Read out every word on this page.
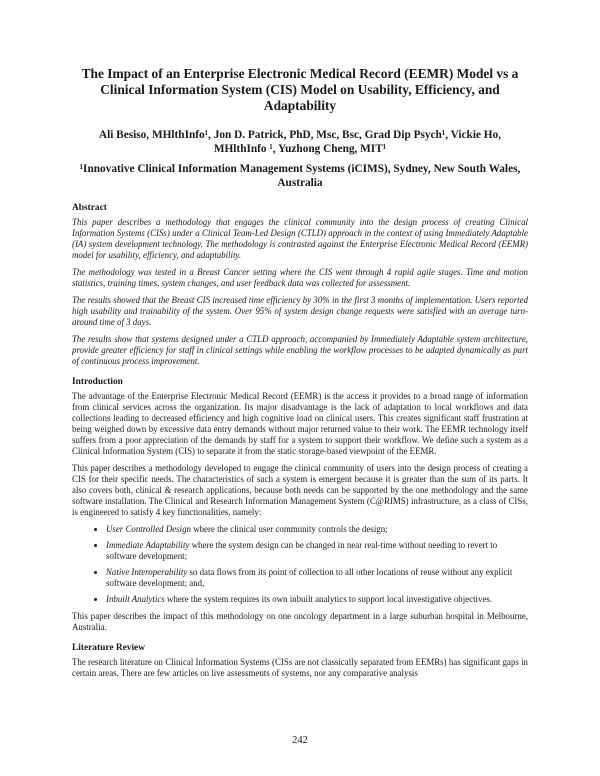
The Impact of an Enterprise Electronic Medical Record (EEMR) Model vs a Clinical Information System (CIS) Model on Usability, Efficiency, and Adaptability
Ali Besiso, MHlthInfo¹, Jon D. Patrick, PhD, Msc, Bsc, Grad Dip Psych¹, Vickie Ho, MHlthInfo ¹, Yuzhong Cheng, MIT¹
¹Innovative Clinical Information Management Systems (iCIMS), Sydney, New South Wales, Australia
Abstract

This paper describes a methodology that engages the clinical community into the design process of creating Clinical Information Systems (CISs) under a Clinical Team-Led Design (CTLD) approach in the context of using Immediately Adaptable (IA) system development technology. The methodology is contrasted against the Enterprise Electronic Medical Record (EEMR) model for usability, efficiency, and adaptability.

The methodology was tested in a Breast Cancer setting where the CIS went through 4 rapid agile stages. Time and motion statistics, training times, system changes, and user feedback data was collected for assessment.

The results showed that the Breast CIS increased time efficiency by 30% in the first 3 months of implementation. Users reported high usability and trainability of the system. Over 95% of system design change requests were satisfied with an average turn-around time of 3 days.

The results show that systems designed under a CTLD approach, accompanied by Immediately Adaptable system architecture, provide greater efficiency for staff in clinical settings while enabling the workflow processes to be adapted dynamically as part of continuous process improvement.

Introduction

The advantage of the Enterprise Electronic Medical Record (EEMR) is the access it provides to a broad range of information from clinical services across the organization. Its major disadvantage is the lack of adaptation to local workflows and data collections leading to decreased efficiency and high cognitive load on clinical users. This creates significant staff frustration at being weighed down by excessive data entry demands without major returned value to their work. The EEMR technology itself suffers from a poor appreciation of the demands by staff for a system to support their workflow. We define such a system as a Clinical Information System (CIS) to separate it from the static storage-based viewpoint of the EEMR.

This paper describes a methodology developed to engage the clinical community of users into the design process of creating a CIS for their specific needs. The characteristics of such a system is emergent because it is greater than the sum of its parts. It also covers both, clinical & research applications, because both needs can be supported by the one methodology and the same software installation. The Clinical and Research Information Management System (C@RIMS) infrastructure, as a class of CISs, is engineered to satisfy 4 key functionalities, namely:

• User Controlled Design where the clinical user community controls the design;
• Immediate Adaptability where the system design can be changed in near real-time without needing to revert to software development;
• Native Interoperability so data flows from its point of collection to all other locations of reuse without any explicit software development; and,
• Inbuilt Analytics where the system requires its own inbuilt analytics to support local investigative objectives.

This paper describes the impact of this methodology on one oncology department in a large suburban hospital in Melbourne, Australia.

Literature Review

The research literature on Clinical Information Systems (CISs are not classically separated from EEMRs) has significant gaps in certain areas. There are few articles on live assessments of systems, nor any comparative analysis

242
